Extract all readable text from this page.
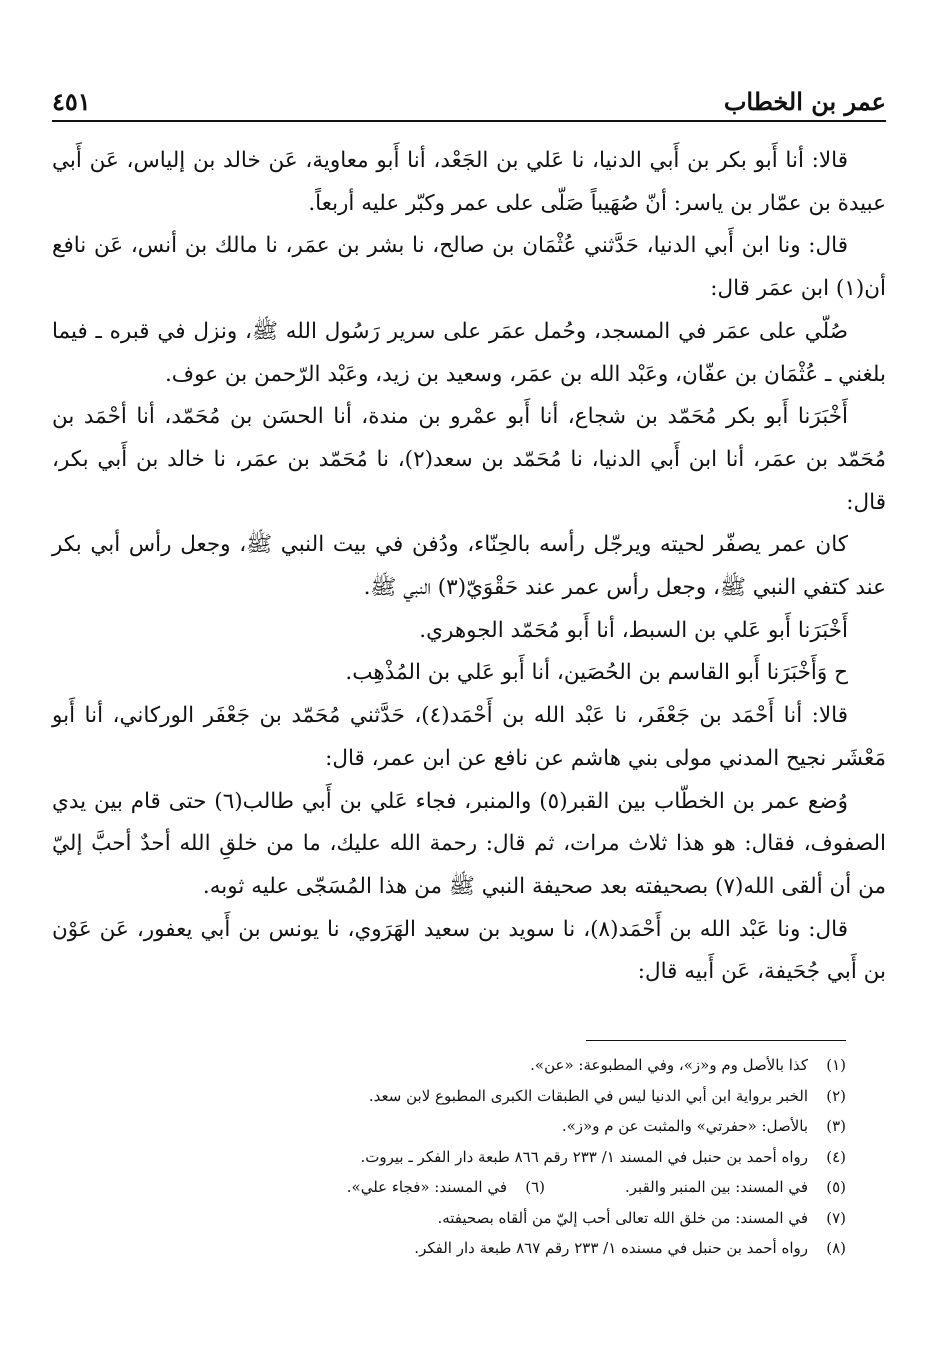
عمر بن الخطاب
٤٥١

قالا: أنا أَبو بكر بن أَبي الدنيا، نا عَلي بن الجَعْد، أنا أَبو معاوية، عَن خالد بن إلياس، عَن أَبي عبيدة بن عمّار بن ياسر: أنّ صُهَيباً صَلّى على عمر وكبّر عليه أربعاً.

قال: ونا ابن أَبي الدنيا، حَدَّثني عُثْمَان بن صالح، نا بشر بن عمَر، نا مالك بن أنس، عَن نافع أن(١) ابن عمَر قال:

صُلّي على عمَر في المسجد، وحُمل عمَر على سرير رَسُول الله ﷺ، ونزل في قبره ـ فيما بلغني ـ عُثْمَان بن عفّان، وعَبْد الله بن عمَر، وسعيد بن زيد، وعَبْد الرّحمن بن عوف.

أَخْبَرَنا أَبو بكر مُحَمّد بن شجاع، أنا أَبو عمْرو بن مندة، أنا الحسَن بن مُحَمّد، أنا أحْمَد بن مُحَمّد بن عمَر، أنا ابن أَبي الدنيا، نا مُحَمّد بن سعد(٢)، نا مُحَمّد بن عمَر، نا خالد بن أَبي بكر، قال:

كان عمر يصفّر لحيته ويرجّل رأسه بالحِنّاء، ودُفن في بيت النبي ﷺ، وجعل رأس أبي بكر عند كتفي النبي ﷺ، وجعل رأس عمر عند حَقْوَيّ(٣) النبي ﷺ.

أَخْبَرَنا أَبو عَلي بن السبط، أنا أَبو مُحَمّد الجوهري.

ح وَأَخْبَرَنا أَبو القاسم بن الحُصَين، أنا أَبو عَلي بن المُذْهِب.

قالا: أنا أَحْمَد بن جَعْفَر، نا عَبْد الله بن أَحْمَد(٤)، حَدَّثني مُحَمّد بن جَعْفَر الوركاني، أنا أَبو مَعْشَر نجيح المدني مولى بني هاشم عن نافع عن ابن عمر، قال:

وُضع عمر بن الخطّاب بين القبر(٥) والمنبر، فجاء عَلي بن أَبي طالب(٦) حتى قام بين يدي الصفوف، فقال: هو هذا ثلاث مرات، ثم قال: رحمة الله عليك، ما من خلقِ الله أحدٌ أحبَّ إليّ من أن ألقى الله(٧) بصحيفته بعد صحيفة النبي ﷺ من هذا المُسَجّى عليه ثوبه.

قال: ونا عَبْد الله بن أَحْمَد(٨)، نا سويد بن سعيد الهَرَوي، نا يونس بن أَبي يعفور، عَن عَوْن بن أَبي جُحَيفة، عَن أَبيه قال:

(١)
كذا بالأصل وم و«ز»، وفي المطبوعة: «عن».
(٢)
الخبر برواية ابن أبي الدنيا ليس في الطبقات الكبرى المطبوع لابن سعد.
(٣)
بالأصل: «حفرتي» والمثبت عن م و«ز».
(٤)
رواه أحمد بن حنبل في المسند ١/ ٢٣٣ رقم ٨٦٦ طبعة دار الفكر ـ بيروت.
(٥)
في المسند: بين المنبر والقبر.
(٦)
في المسند: «فجاء علي».
(٧)
في المسند: من خلق الله تعالى أحب إليّ من ألقاه بصحيفته.
(٨)
رواه أحمد بن حنبل في مسنده ١/ ٢٣٣ رقم ٨٦٧ طبعة دار الفكر.
